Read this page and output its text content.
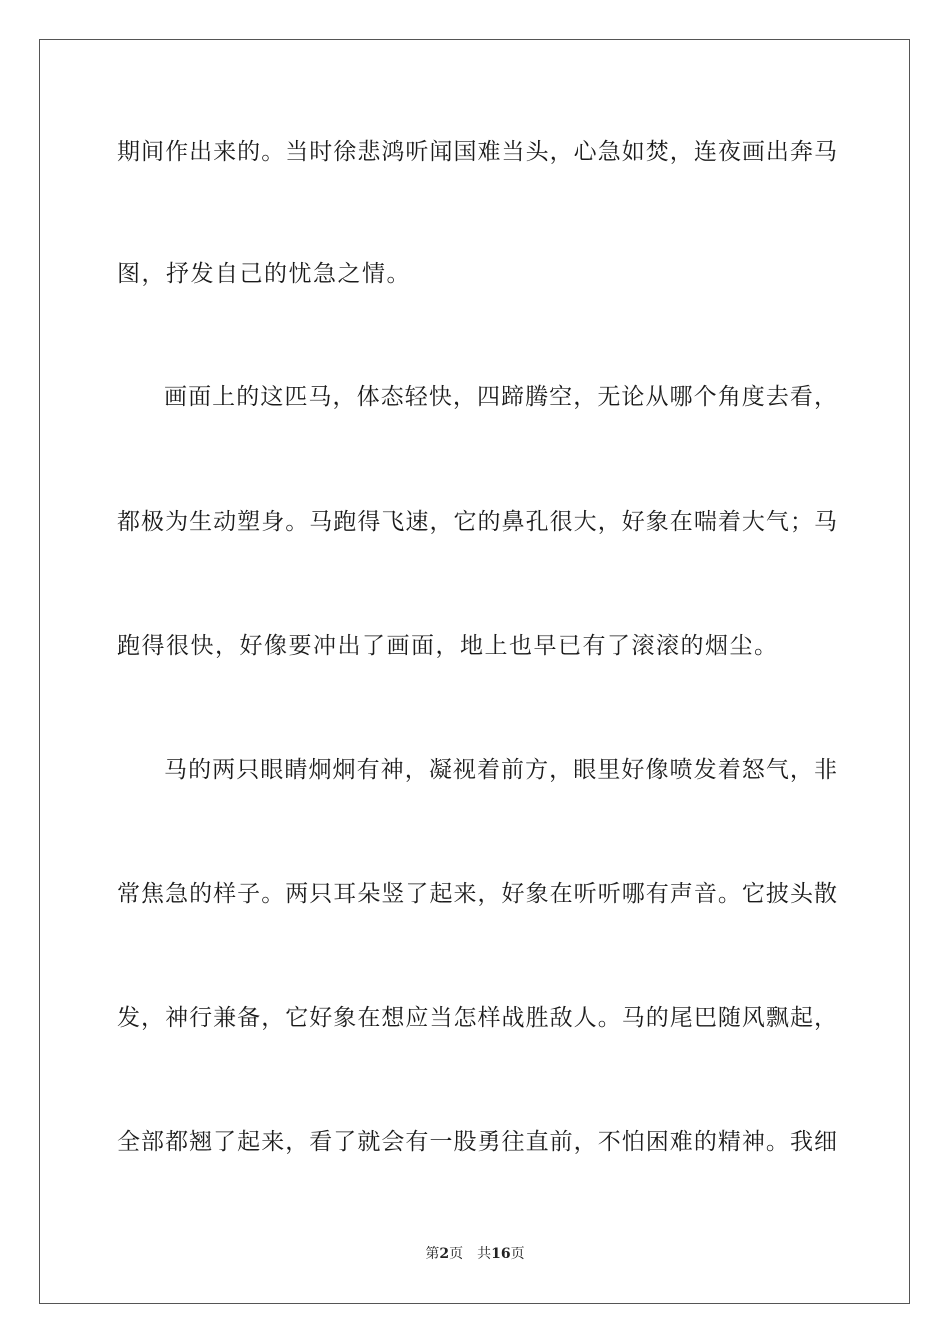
期间作出来的。当时徐悲鸿听闻国难当头，心急如焚，连夜画出奔马
图，抒发自己的忧急之情。
画面上的这匹马，体态轻快，四蹄腾空，无论从哪个角度去看，
都极为生动塑身。马跑得飞速，它的鼻孔很大，好象在喘着大气；马
跑得很快，好像要冲出了画面，地上也早已有了滚滚的烟尘。
马的两只眼睛炯炯有神，凝视着前方，眼里好像喷发着怒气，非
常焦急的样子。两只耳朵竖了起来，好象在听听哪有声音。它披头散
发，神行兼备，它好象在想应当怎样战胜敌人。马的尾巴随风飘起，
全部都翘了起来，看了就会有一股勇往直前，不怕困难的精神。我细
第2页 共16页
